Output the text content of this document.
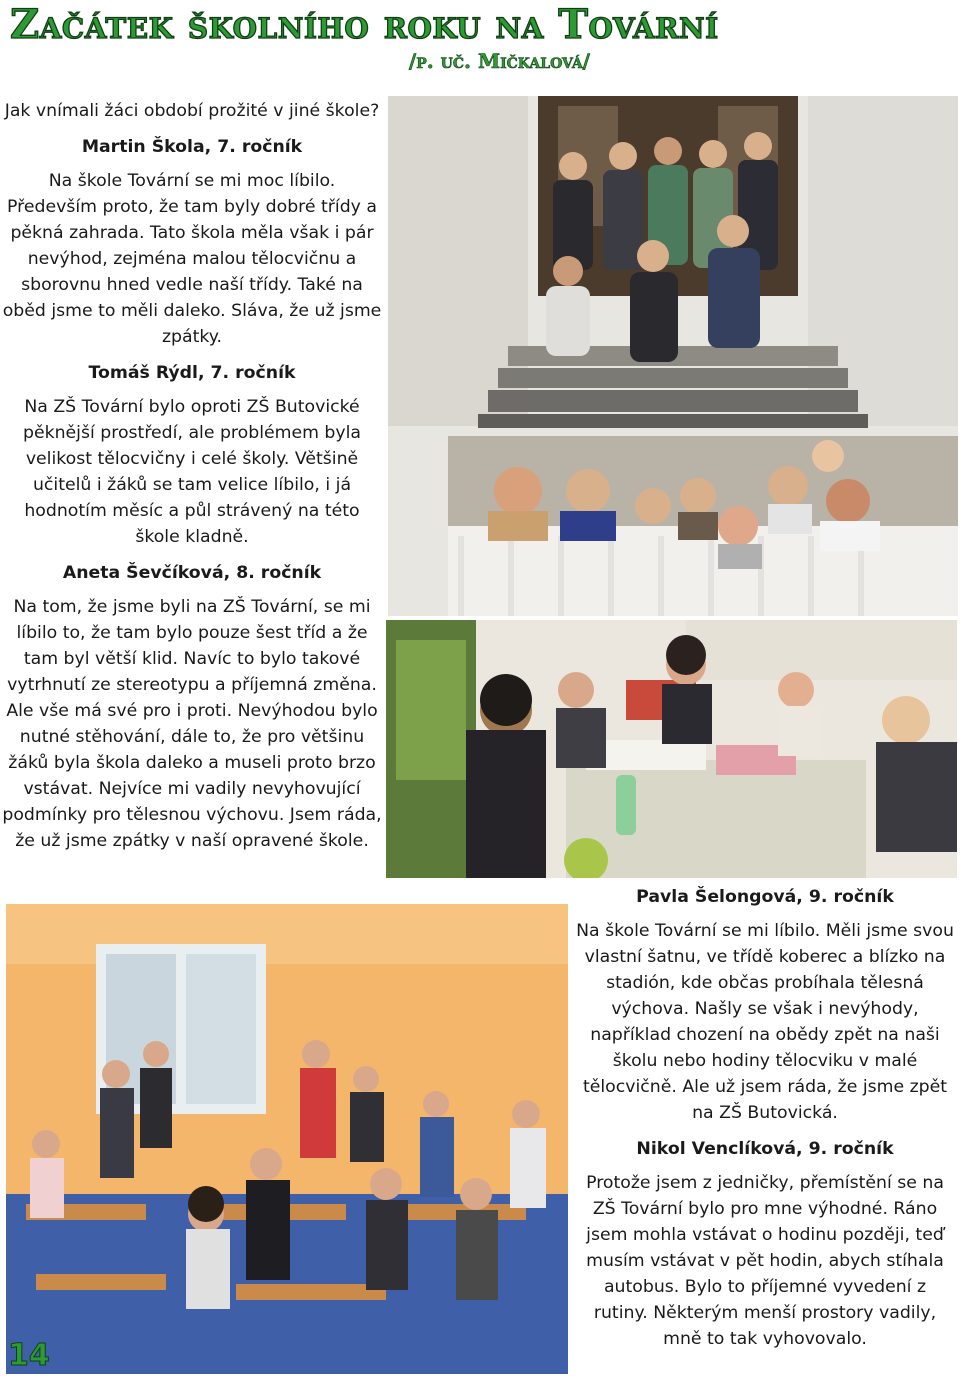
Začátek školního roku na Tovární
/p. uč. Mičkalová/

Jak vnímali žáci období prožité v jiné škole?

Martin Škola, 7. ročník

Na škole Tovární se mi moc líbilo. Především proto, že tam byly dobré třídy a pěkná zahrada. Tato škola měla však i pár nevýhod, zejména malou tělocvičnu a sborovnu hned vedle naší třídy. Také na oběd jsme to měli daleko. Sláva, že už jsme zpátky.

Tomáš Rýdl, 7. ročník

Na ZŠ Tovární bylo oproti ZŠ Butovické pěknější prostředí, ale problémem byla velikost tělocvičny i celé školy. Většině učitelů i žáků se tam velice líbilo, i já hodnotím měsíc a půl strávený na této škole kladně.

Aneta Ševčíková, 8. ročník

Na tom, že jsme byli na ZŠ Tovární, se mi líbilo to, že tam bylo pouze šest tříd a že tam byl větší klid. Navíc to bylo takové vytrhnutí ze stereotypu a příjemná změna. Ale vše má své pro i proti. Nevýhodou bylo nutné stěhování, dále to, že pro většinu žáků byla škola daleko a museli proto brzo vstávat. Nejvíce mi vadily nevyhovující podmínky pro tělesnou výchovu. Jsem ráda, že už jsme zpátky v naší opravené škole.

Pavla Šelongová, 9. ročník

Na škole Tovární se mi líbilo. Měli jsme svou vlastní šatnu, ve třídě koberec a blízko na stadión, kde občas probíhala tělesná výchova. Našly se však i nevýhody, například chození na obědy zpět na naši školu nebo hodiny tělocviku v malé tělocvičně. Ale už jsem ráda, že jsme zpět na ZŠ Butovická.

Nikol Venclíková, 9. ročník

Protože jsem z jedničky, přemístění se na ZŠ Tovární bylo pro mne výhodné. Ráno jsem mohla vstávat o hodinu později, teď musím vstávat v pět hodin, abych stíhala autobus. Bylo to příjemné vyvedení z rutiny. Některým menší prostory vadily, mně to tak vyhovovalo.

14
